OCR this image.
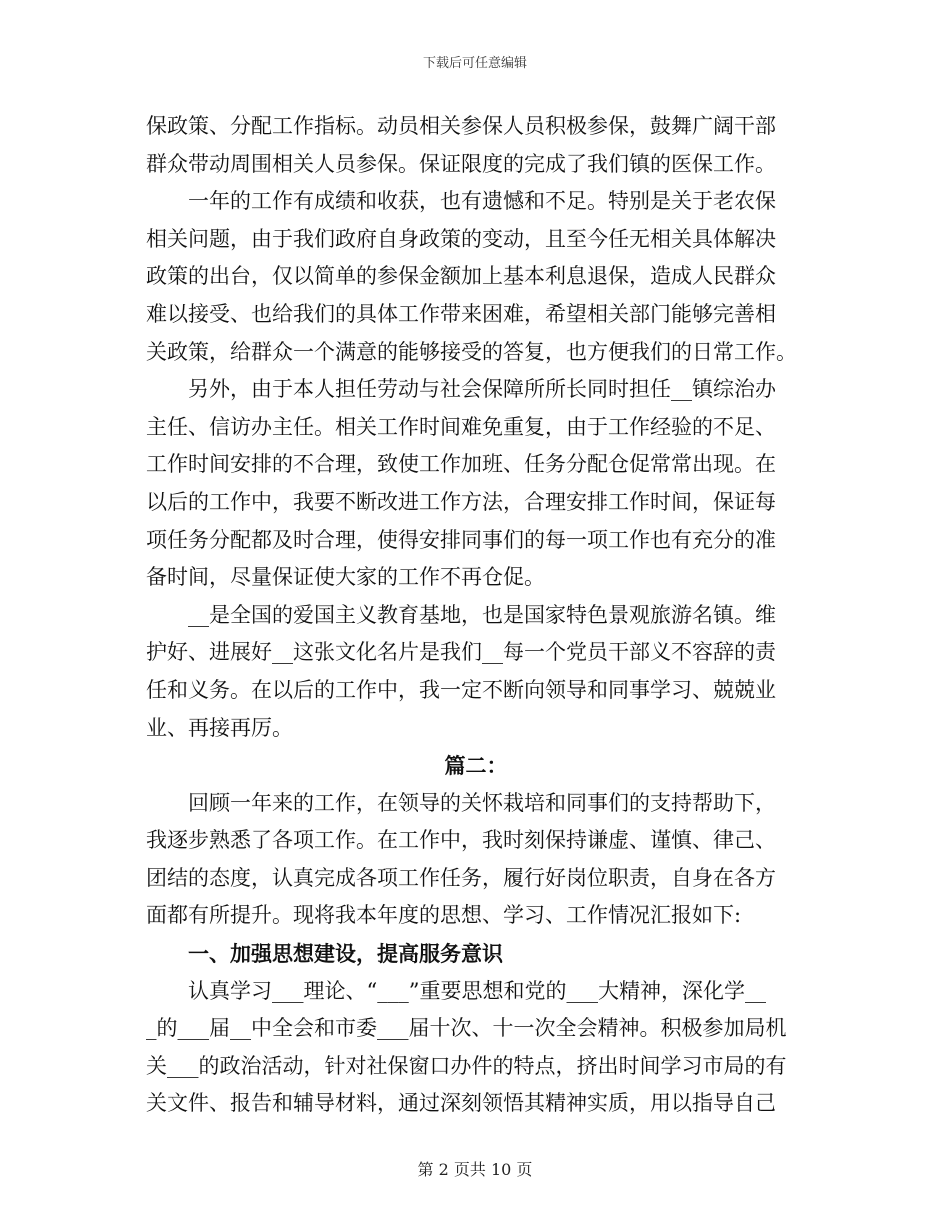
下载后可任意编辑
保政策、分配工作指标。动员相关参保人员积极参保，鼓舞广阔干部
群众带动周围相关人员参保。保证限度的完成了我们镇的医保工作。
一年的工作有成绩和收获，也有遗憾和不足。特别是关于老农保
相关问题，由于我们政府自身政策的变动，且至今任无相关具体解决
政策的出台，仅以简单的参保金额加上基本利息退保，造成人民群众
难以接受、也给我们的具体工作带来困难，希望相关部门能够完善相
关政策，给群众一个满意的能够接受的答复，也方便我们的日常工作。
另外，由于本人担任劳动与社会保障所所长同时担任__镇综治办
主任、信访办主任。相关工作时间难免重复，由于工作经验的不足、
工作时间安排的不合理，致使工作加班、任务分配仓促常常出现。在
以后的工作中，我要不断改进工作方法，合理安排工作时间，保证每
项任务分配都及时合理，使得安排同事们的每一项工作也有充分的准
备时间，尽量保证使大家的工作不再仓促。
__是全国的爱国主义教育基地，也是国家特色景观旅游名镇。维
护好、进展好__这张文化名片是我们__每一个党员干部义不容辞的责
任和义务。在以后的工作中，我一定不断向领导和同事学习、兢兢业
业、再接再厉。
篇二：
回顾一年来的工作，在领导的关怀栽培和同事们的支持帮助下，
我逐步熟悉了各项工作。在工作中，我时刻保持谦虚、谨慎、律己、
团结的态度，认真完成各项工作任务，履行好岗位职责，自身在各方
面都有所提升。现将我本年度的思想、学习、工作情况汇报如下:
一、加强思想建设，提高服务意识
认真学习___理论、“___”重要思想和党的___大精神，深化学__
_的___届__中全会和市委___届十次、十一次全会精神。积极参加局机
关___的政治活动，针对社保窗口办件的特点，挤出时间学习市局的有
关文件、报告和辅导材料，通过深刻领悟其精神实质，用以指导自己
第 2 页共 10 页
